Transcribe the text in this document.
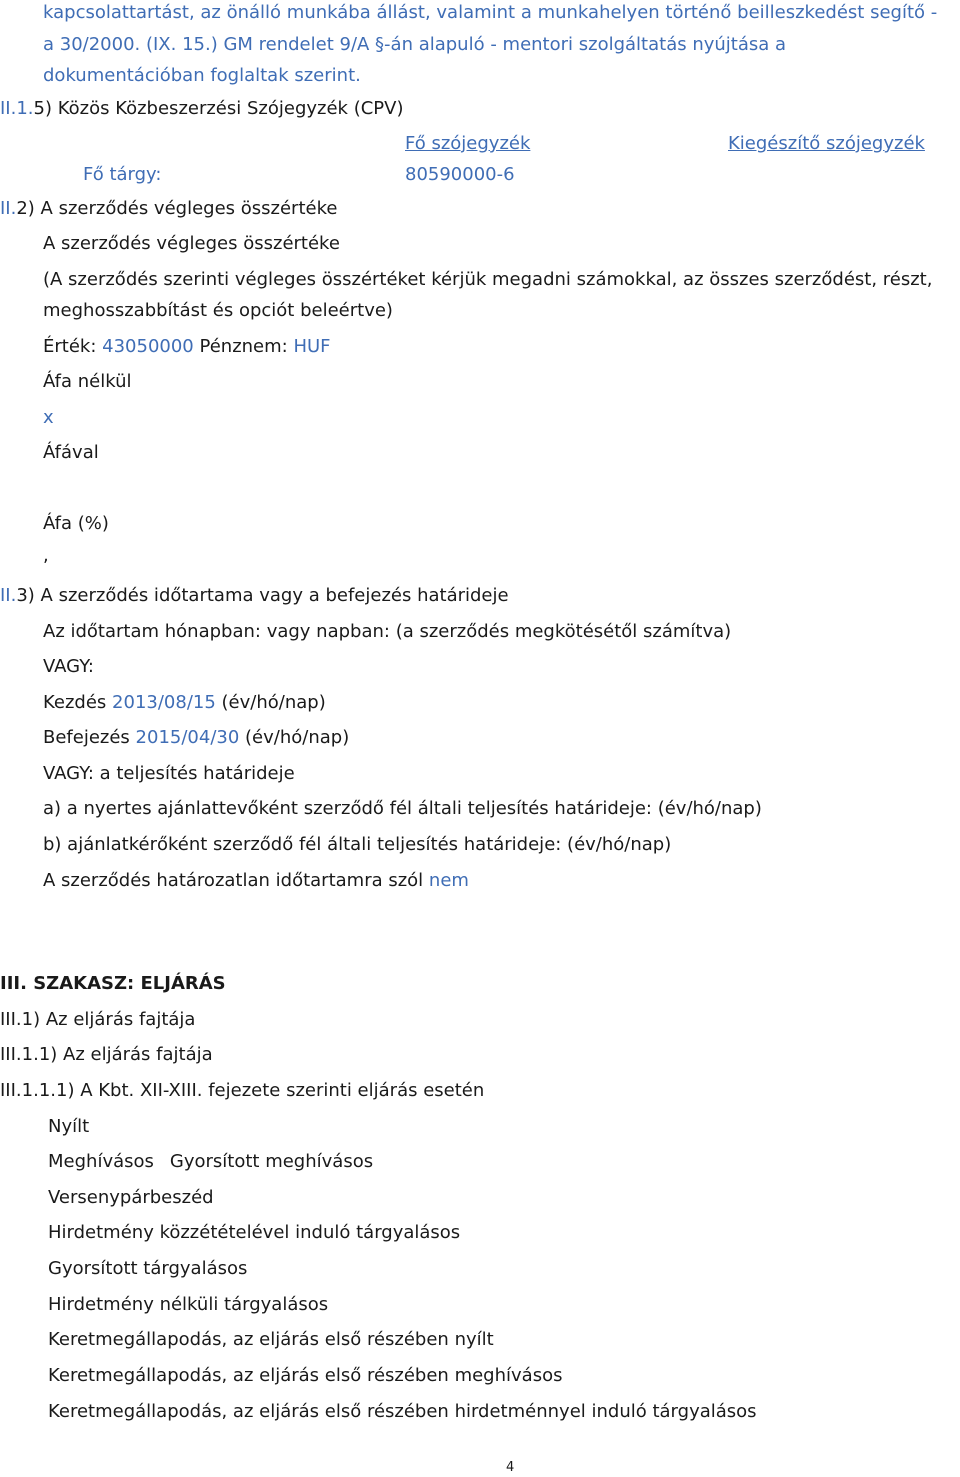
kapcsolattartást, az önálló munkába állást, valamint a munkahelyen történő beilleszkedést segítő -
a 30/2000. (IX. 15.) GM rendelet 9/A §-án alapuló - mentori szolgáltatás nyújtása a
dokumentációban foglaltak szerint.
II.1.5) Közös Közbeszerzési Szójegyzék (CPV)
Fő szójegyzék	Kiegészítő szójegyzék
Fő tárgy:	80590000-6
II.2) A szerződés végleges összértéke
A szerződés végleges összértéke
(A szerződés szerinti végleges összértéket kérjük megadni számokkal, az összes szerződést, részt,
meghosszabbítást és opciót beleértve)
Érték: 43050000 Pénznem: HUF
Áfa nélkül
x
Áfával
Áfa (%)
,
II.3) A szerződés időtartama vagy a befejezés határideje
Az időtartam hónapban: vagy napban: (a szerződés megkötésétől számítva)
VAGY:
Kezdés 2013/08/15 (év/hó/nap)
Befejezés 2015/04/30 (év/hó/nap)
VAGY: a teljesítés határideje
a) a nyertes ajánlattevőként szerződő fél általi teljesítés határideje: (év/hó/nap)
b) ajánlatkérőként szerződő fél általi teljesítés határideje: (év/hó/nap)
A szerződés határozatlan időtartamra szól nem
III. SZAKASZ: ELJÁRÁS
III.1) Az eljárás fajtája
III.1.1) Az eljárás fajtája
III.1.1.1) A Kbt. XII-XIII. fejezete szerinti eljárás esetén
Nyílt
Meghívásos Gyorsított meghívásos
Versenypárbeszéd
Hirdetmény közzétételével induló tárgyalásos
Gyorsított tárgyalásos
Hirdetmény nélküli tárgyalásos
Keretmegállapodás, az eljárás első részében nyílt
Keretmegállapodás, az eljárás első részében meghívásos
Keretmegállapodás, az eljárás első részében hirdetménnyel induló tárgyalásos
4
